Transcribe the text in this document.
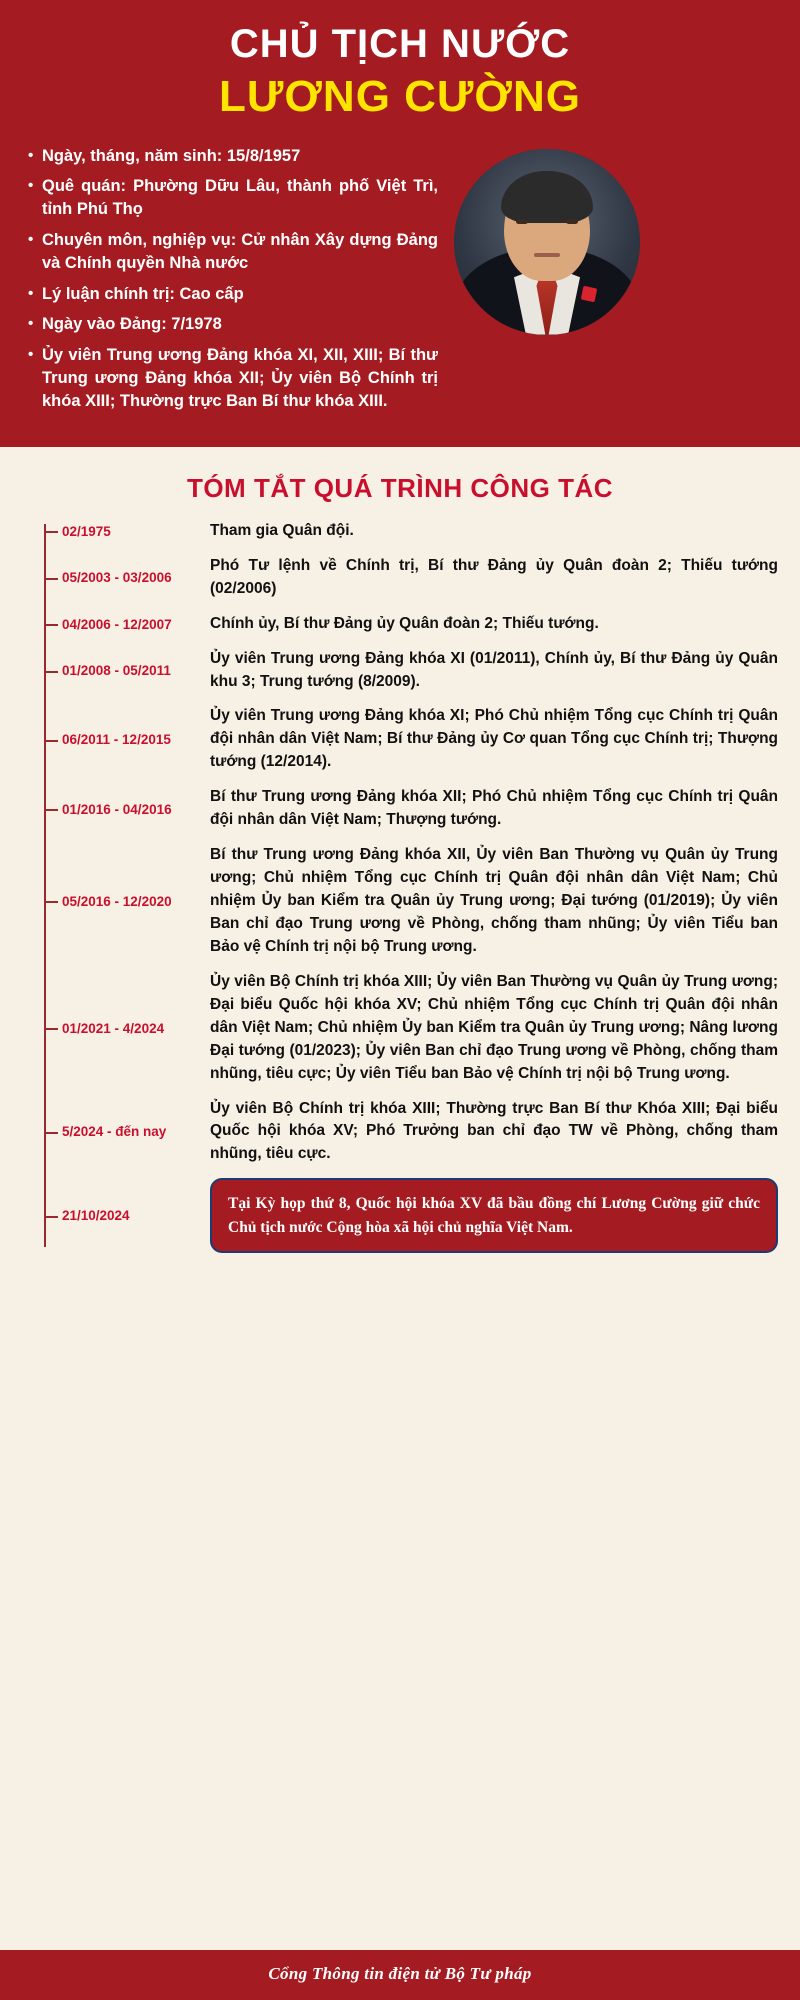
CHỦ TỊCH NƯỚC
LƯƠNG CƯỜNG
• Ngày, tháng, năm sinh: 15/8/1957
• Quê quán: Phường Dữu Lâu, thành phố Việt Trì, tỉnh Phú Thọ
• Chuyên môn, nghiệp vụ: Cử nhân Xây dựng Đảng và Chính quyền Nhà nước
• Lý luận chính trị: Cao cấp
• Ngày vào Đảng: 7/1978
• Ủy viên Trung ương Đảng khóa XI, XII, XIII; Bí thư Trung ương Đảng khóa XII; Ủy viên Bộ Chính trị khóa XIII; Thường trực Ban Bí thư khóa XIII.
TÓM TẮT QUÁ TRÌNH CÔNG TÁC
02/1975	Tham gia Quân đội.
05/2003 - 03/2006
Phó Tư lệnh về Chính trị, Bí thư Đảng ủy Quân đoàn 2; Thiếu tướng (02/2006)
04/2006 - 12/2007	Chính ủy, Bí thư Đảng ủy Quân đoàn 2; Thiếu tướng.
01/2008 - 05/2011
Ủy viên Trung ương Đảng khóa XI (01/2011), Chính ủy, Bí thư Đảng ủy Quân khu 3; Trung tướng (8/2009).
06/2011 - 12/2015
Ủy viên Trung ương Đảng khóa XI; Phó Chủ nhiệm Tổng cục Chính trị Quân đội nhân dân Việt Nam; Bí thư Đảng ủy Cơ quan Tổng cục Chính trị; Thượng tướng (12/2014).
01/2016 - 04/2016
Bí thư Trung ương Đảng khóa XII; Phó Chủ nhiệm Tổng cục Chính trị Quân đội nhân dân Việt Nam; Thượng tướng.
05/2016 - 12/2020
Bí thư Trung ương Đảng khóa XII, Ủy viên Ban Thường vụ Quân ủy Trung ương; Chủ nhiệm Tổng cục Chính trị Quân đội nhân dân Việt Nam; Chủ nhiệm Ủy ban Kiểm tra Quân ủy Trung ương; Đại tướng (01/2019); Ủy viên Ban chỉ đạo Trung ương về Phòng, chống tham nhũng; Ủy viên Tiểu ban Bảo vệ Chính trị nội bộ Trung ương.
01/2021 - 4/2024
Ủy viên Bộ Chính trị khóa XIII; Ủy viên Ban Thường vụ Quân ủy Trung ương; Đại biểu Quốc hội khóa XV; Chủ nhiệm Tổng cục Chính trị Quân đội nhân dân Việt Nam; Chủ nhiệm Ủy ban Kiểm tra Quân ủy Trung ương; Nâng lương Đại tướng (01/2023); Ủy viên Ban chỉ đạo Trung ương về Phòng, chống tham nhũng, tiêu cực; Ủy viên Tiểu ban Bảo vệ Chính trị nội bộ Trung ương.
5/2024 - đến nay
Ủy viên Bộ Chính trị khóa XIII; Thường trực Ban Bí thư Khóa XIII; Đại biểu Quốc hội khóa XV; Phó Trưởng ban chỉ đạo TW về Phòng, chống tham nhũng, tiêu cực.
21/10/2024
Tại Kỳ họp thứ 8, Quốc hội khóa XV đã bầu đồng chí Lương Cường giữ chức Chủ tịch nước Cộng hòa xã hội chủ nghĩa Việt Nam.
Cổng Thông tin điện tử Bộ Tư pháp
